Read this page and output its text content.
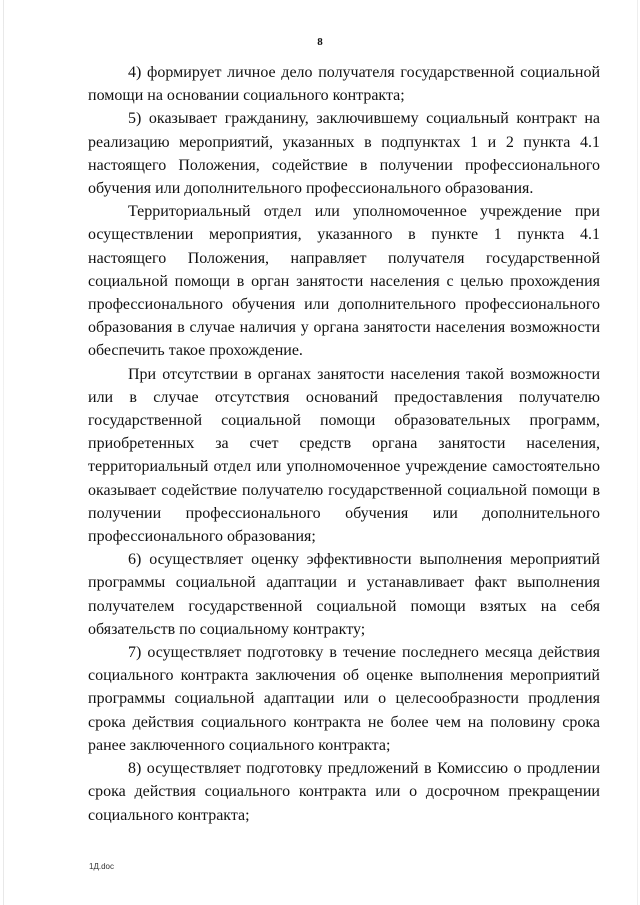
8

4) формирует личное дело получателя государственной социальной помощи на основании социального контракта;

5) оказывает гражданину, заключившему социальный контракт на реализацию мероприятий, указанных в подпунктах 1 и 2 пункта 4.1 настоящего Положения, содействие в получении профессионального обучения или дополнительного профессионального образования.

Территориальный отдел или уполномоченное учреждение при осуществлении мероприятия, указанного в пункте 1 пункта 4.1 настоящего Положения, направляет получателя государственной социальной помощи в орган занятости населения с целью прохождения профессионального обучения или дополнительного профессионального образования в случае наличия у органа занятости населения возможности обеспечить такое прохождение.

При отсутствии в органах занятости населения такой возможности или в случае отсутствия оснований предоставления получателю государственной социальной помощи образовательных программ, приобретенных за счет средств органа занятости населения, территориальный отдел или уполномоченное учреждение самостоятельно оказывает содействие получателю государственной социальной помощи в получении профессионального обучения или дополнительного профессионального образования;

6) осуществляет оценку эффективности выполнения мероприятий программы социальной адаптации и устанавливает факт выполнения получателем государственной социальной помощи взятых на себя обязательств по социальному контракту;

7) осуществляет подготовку в течение последнего месяца действия социального контракта заключения об оценке выполнения мероприятий программы социальной адаптации или о целесообразности продления срока действия социального контракта не более чем на половину срока ранее заключенного социального контракта;

8) осуществляет подготовку предложений в Комиссию о продлении срока действия социального контракта или о досрочном прекращении социального контракта;

1Д.doc
